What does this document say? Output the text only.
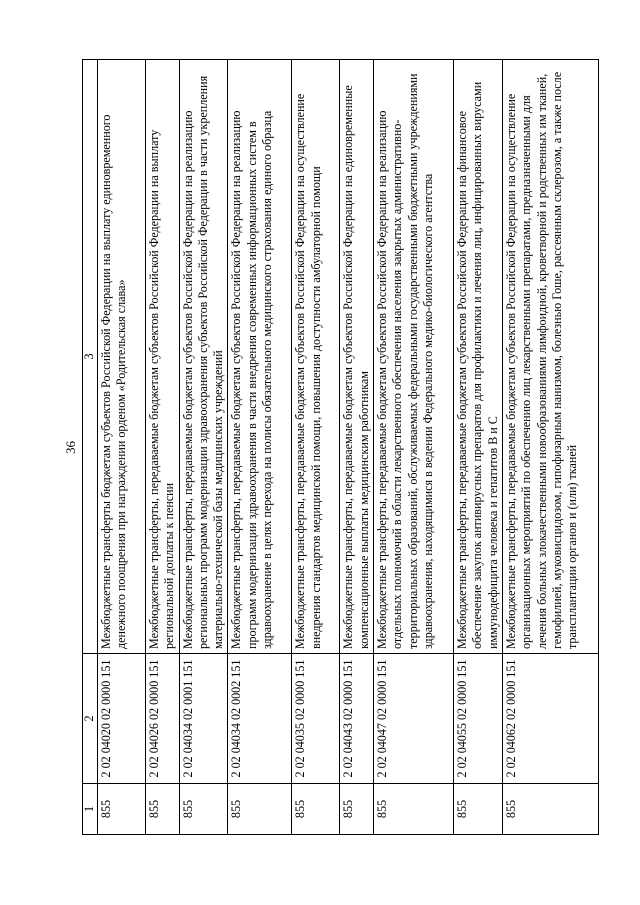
36
1	2	3
855	2 02 04020 02 0000 151	Межбюджетные трансферты бюджетам субъектов Российской Федерации на выплату единовременного денежного поощрения при награждении орденом «Родительская слава»
855	2 02 04026 02 0000 151	Межбюджетные трансферты, передаваемые бюджетам субъектов Российской Федерации на выплату региональной доплаты к пенсии
855	2 02 04034 02 0001 151	Межбюджетные трансферты, передаваемые бюджетам субъектов Российской Федерации на реализацию региональных программ модернизации здравоохранения субъектов Российской Федерации в части укрепления материально-технической базы медицинских учреждений
855	2 02 04034 02 0002 151	Межбюджетные трансферты, передаваемые бюджетам субъектов Российской Федерации на реализацию программ модернизации здравоохранения в части внедрения современных информационных систем в здравоохранение в целях перехода на полисы обязательного медицинского страхования единого образца
855	2 02 04035 02 0000 151	Межбюджетные трансферты, передаваемые бюджетам субъектов Российской Федерации на осуществление внедрения стандартов медицинской помощи, повышения доступности амбулаторной помощи
855	2 02 04043 02 0000 151	Межбюджетные трансферты, передаваемые бюджетам субъектов Российской Федерации на единовременные компенсационные выплаты медицинским работникам
855	2 02 04047 02 0000 151	Межбюджетные трансферты, передаваемые бюджетам субъектов Российской Федерации на реализацию отдельных полномочий в области лекарственного обеспечения населения закрытых административно-территориальных образований, обслуживаемых федеральными государственными бюджетными учреждениями здравоохранения, находящимися в ведении Федерального медико-биологического агентства
855	2 02 04055 02 0000 151	Межбюджетные трансферты, передаваемые бюджетам субъектов Российской Федерации на финансовое обеспечение закупок антивирусных препаратов для профилактики и лечения лиц, инфицированных вирусами иммунодефицита человека и гепатитов В и С
855	2 02 04062 02 0000 151	Межбюджетные трансферты, передаваемые бюджетам субъектов Российской Федерации на осуществление организационных мероприятий по обеспечению лиц лекарственными препаратами, предназначенными для лечения больных злокачественными новообразованиями лимфоидной, кроветворной и родственных им тканей, гемофилией, муковисцидозом, гипофизарным нанизмом, болезнью Гоше, рассеянным склерозом, а также после трансплантации органов и (или) тканей
